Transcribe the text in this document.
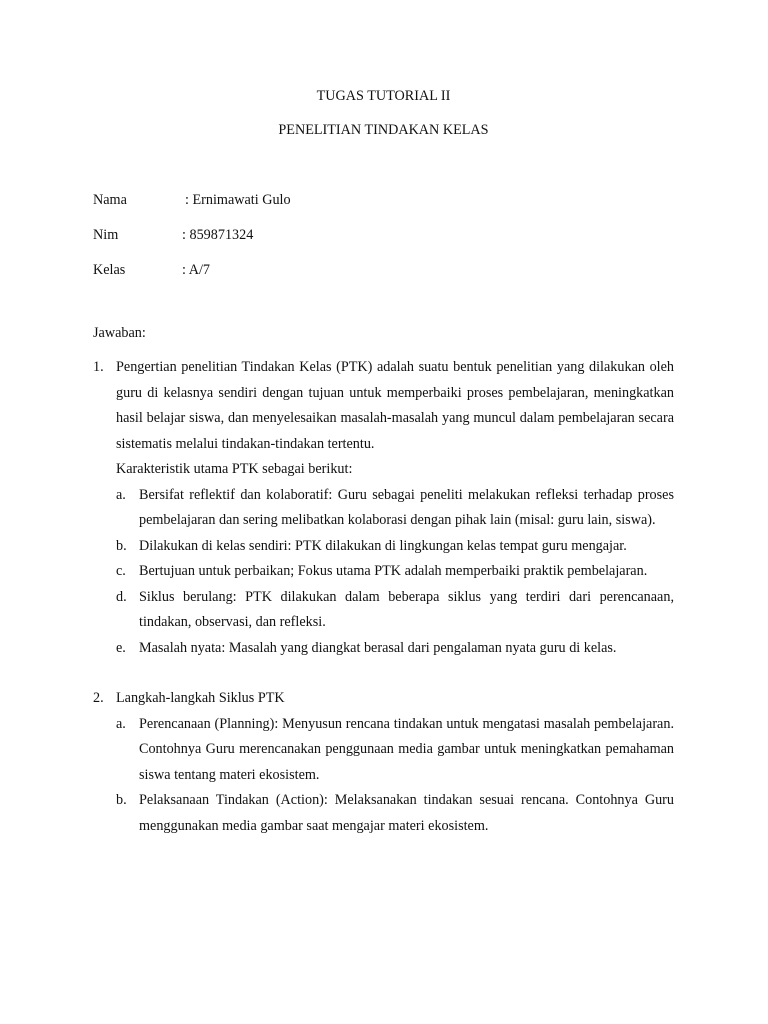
TUGAS TUTORIAL II

PENELITIAN TINDAKAN KELAS

Nama	: Ernimawati Gulo
Nim	: 859871324
Kelas	: A/7
Jawaban:
1. Pengertian penelitian Tindakan Kelas (PTK) adalah suatu bentuk penelitian yang dilakukan oleh guru di kelasnya sendiri dengan tujuan untuk memperbaiki proses pembelajaran, meningkatkan hasil belajar siswa, dan menyelesaikan masalah-masalah yang muncul dalam pembelajaran secara sistematis melalui tindakan-tindakan tertentu.

Karakteristik utama PTK sebagai berikut:

a. Bersifat reflektif dan kolaboratif: Guru sebagai peneliti melakukan refleksi terhadap proses pembelajaran dan sering melibatkan kolaborasi dengan pihak lain (misal: guru lain, siswa).
b. Dilakukan di kelas sendiri: PTK dilakukan di lingkungan kelas tempat guru mengajar.
c. Bertujuan untuk perbaikan; Fokus utama PTK adalah memperbaiki praktik pembelajaran.
d. Siklus berulang: PTK dilakukan dalam beberapa siklus yang terdiri dari perencanaan, tindakan, observasi, dan refleksi.
e. Masalah nyata: Masalah yang diangkat berasal dari pengalaman nyata guru di kelas.
2. Langkah-langkah Siklus PTK

a. Perencanaan (Planning): Menyusun rencana tindakan untuk mengatasi masalah pembelajaran. Contohnya Guru merencanakan penggunaan media gambar untuk meningkatkan pemahaman siswa tentang materi ekosistem.
b. Pelaksanaan Tindakan (Action): Melaksanakan tindakan sesuai rencana. Contohnya Guru menggunakan media gambar saat mengajar materi ekosistem.
